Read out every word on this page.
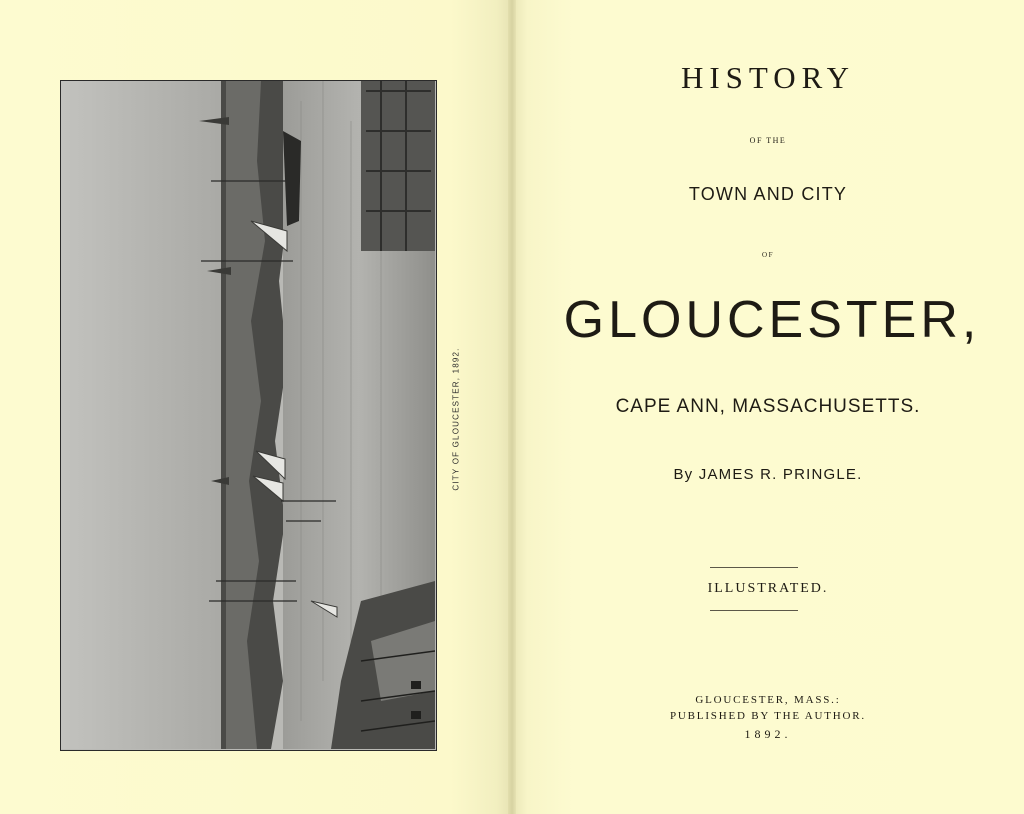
CITY OF GLOUCESTER, 1892.
HISTORY
OF THE
TOWN AND CITY
OF
GLOUCESTER,
CAPE ANN, MASSACHUSETTS.
By JAMES R. PRINGLE.
ILLUSTRATED.
GLOUCESTER, MASS.:
PUBLISHED BY THE AUTHOR.
1892.
